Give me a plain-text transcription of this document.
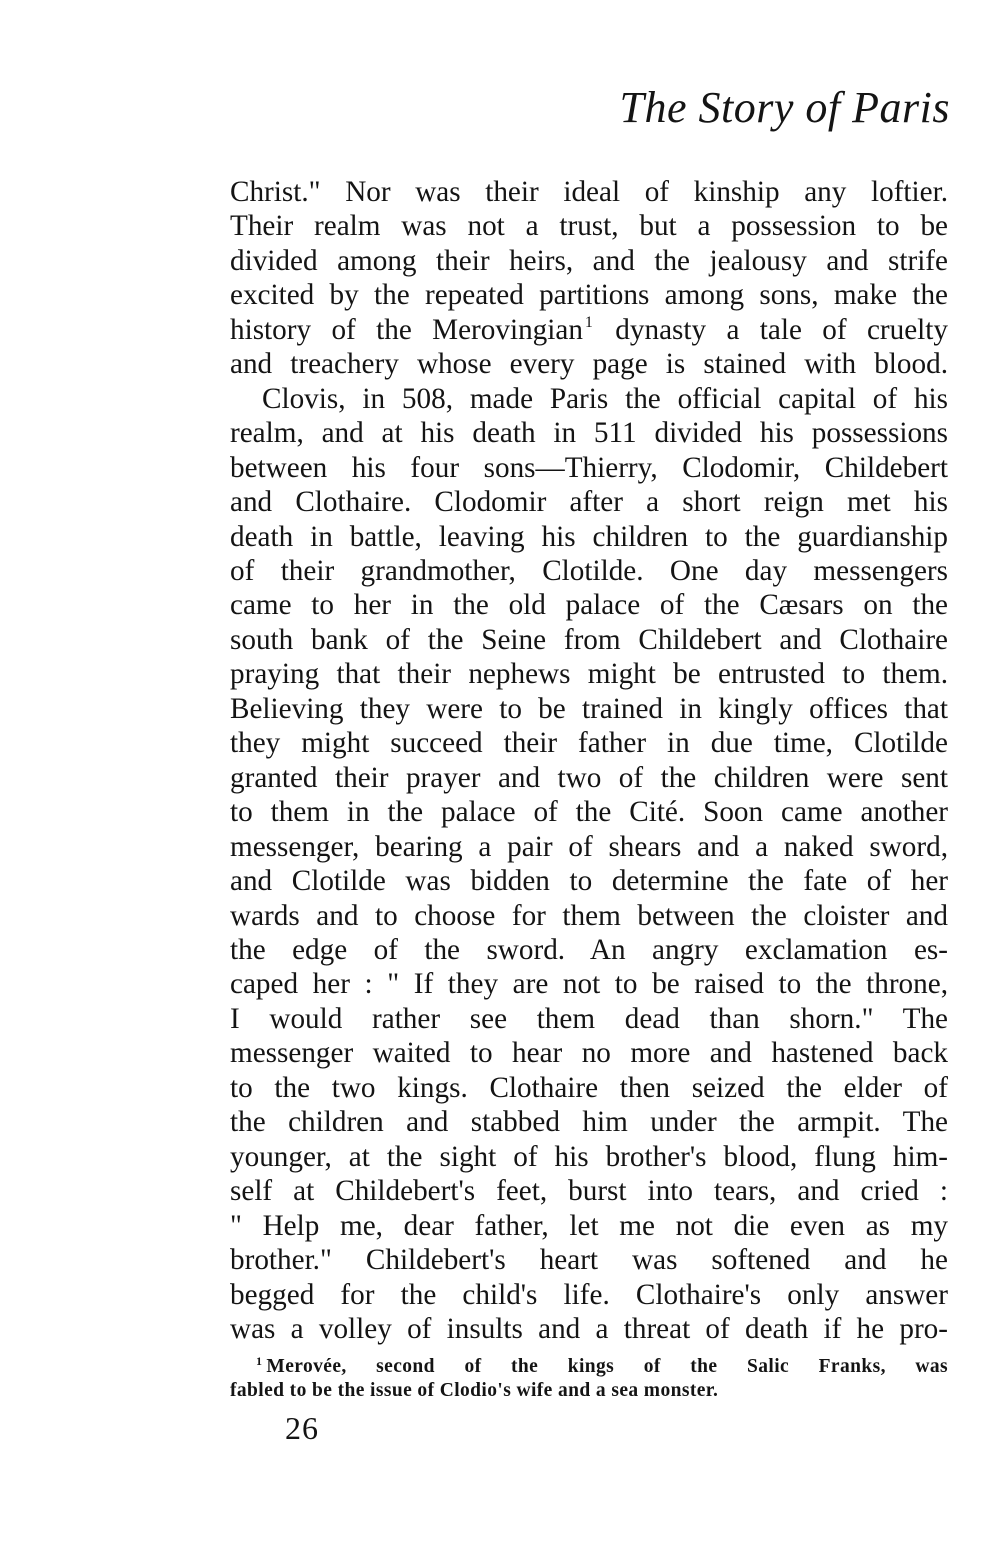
The Story of Paris
Christ." Nor was their ideal of kinship any loftier.
Their realm was not a trust, but a possession to be
divided among their heirs, and the jealousy and strife
excited by the repeated partitions among sons, make the
history of the Merovingian $^1$ dynasty a tale of cruelty
and treachery whose every page is stained with blood.
Clovis, in 508, made Paris the official capital of his
realm, and at his death in 511 divided his possessions
between his four sons—Thierry, Clodomir, Childebert
and Clothaire. Clodomir after a short reign met his
death in battle, leaving his children to the guardianship
of their grandmother, Clotilde. One day messengers
came to her in the old palace of the Cæsars on the
south bank of the Seine from Childebert and Clothaire
praying that their nephews might be entrusted to them.
Believing they were to be trained in kingly offices that
they might succeed their father in due time, Clotilde
granted their prayer and two of the children were sent
to them in the palace of the Cité. Soon came another
messenger, bearing a pair of shears and a naked sword,
and Clotilde was bidden to determine the fate of her
wards and to choose for them between the cloister and
the edge of the sword. An angry exclamation es-
caped her : " If they are not to be raised to the throne,
I would rather see them dead than shorn." The
messenger waited to hear no more and hastened back
to the two kings. Clothaire then seized the elder of
the children and stabbed him under the armpit. The
younger, at the sight of his brother's blood, flung him-
self at Childebert's feet, burst into tears, and cried :
" Help me, dear father, let me not die even as my
brother." Childebert's heart was softened and he
begged for the child's life. Clothaire's only answer
was a volley of insults and a threat of death if he pro-
$^1$ Merovée, second of the kings of the Salic Franks, was
fabled to be the issue of Clodio's wife and a sea monster.
26
